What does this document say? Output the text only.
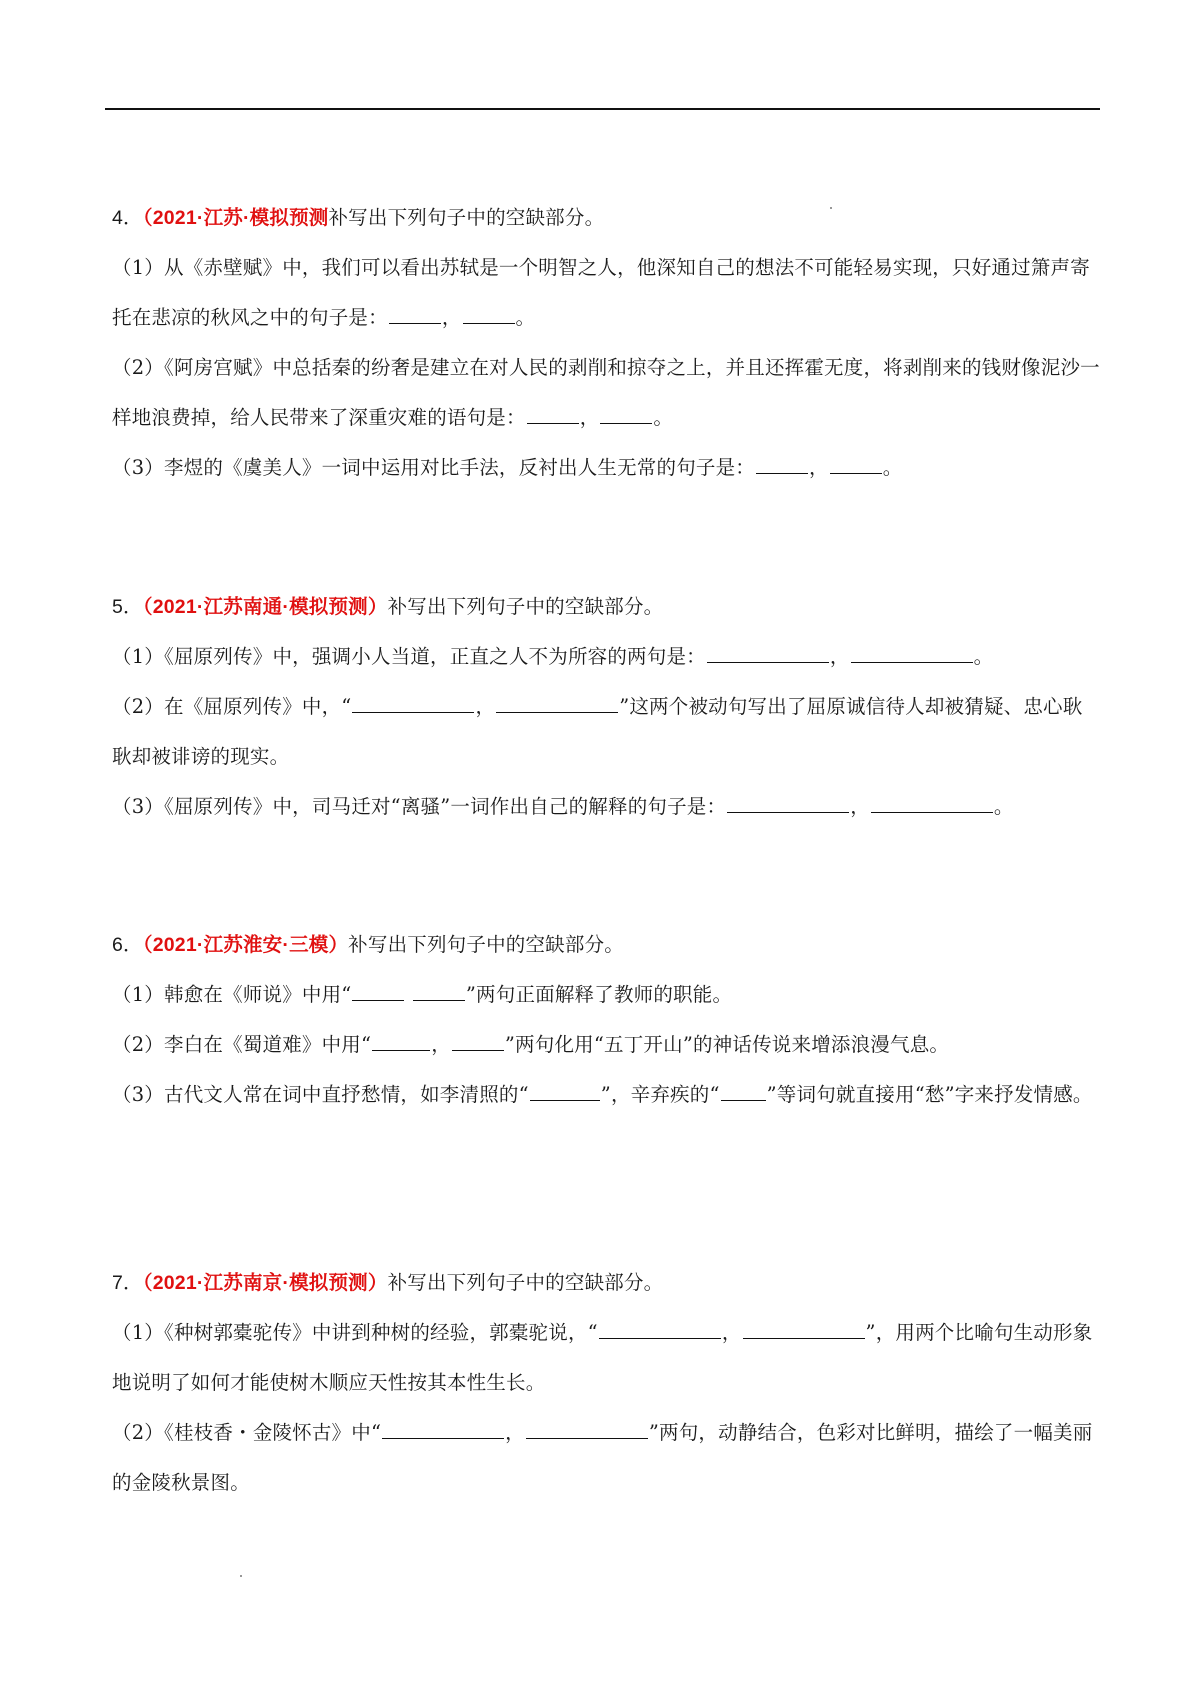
4．（2021·江苏·模拟预测补写出下列句子中的空缺部分。
（1）从《赤壁赋》中，我们可以看出苏轼是一个明智之人，他深知自己的想法不可能轻易实现，只好通过箫声寄托在悲凉的秋风之中的句子是：	，	。
（2）《阿房宫赋》中总括秦的纷奢是建立在对人民的剥削和掠夺之上，并且还挥霍无度，将剥削来的钱财像泥沙一样地浪费掉，给人民带来了深重灾难的语句是：	，	。
（3）李煜的《虞美人》一词中运用对比手法，反衬出人生无常的句子是：	，	。
5．（2021·江苏南通·模拟预测）补写出下列句子中的空缺部分。
（1）《屈原列传》中，强调小人当道，正直之人不为所容的两句是：	，	。
（2）在《屈原列传》中，“	，	”这两个被动句写出了屈原诚信待人却被猜疑、忠心耿耿却被诽谤的现实。
（3）《屈原列传》中，司马迁对“离骚”一词作出自己的解释的句子是：	，	。
6．（2021·江苏淮安·三模）补写出下列句子中的空缺部分。
（1）韩愈在《师说》中用“	”两句正面解释了教师的职能。
（2）李白在《蜀道难》中用“	，	”两句化用“五丁开山”的神话传说来增添浪漫气息。
（3）古代文人常在词中直抒愁情，如李清照的“	”，辛弃疾的“ ”等词句就直接用“愁”字来抒发情感。
7．（2021·江苏南京·模拟预测）补写出下列句子中的空缺部分。
（1）《种树郭橐驼传》中讲到种树的经验，郭橐驼说，“	，	”，用两个比喻句生动形象地说明了如何才能使树木顺应天性按其本性生长。
（2）《桂枝香・金陵怀古》中“	，	”两句，动静结合，色彩对比鲜明，描绘了一幅美丽的金陵秋景图。
